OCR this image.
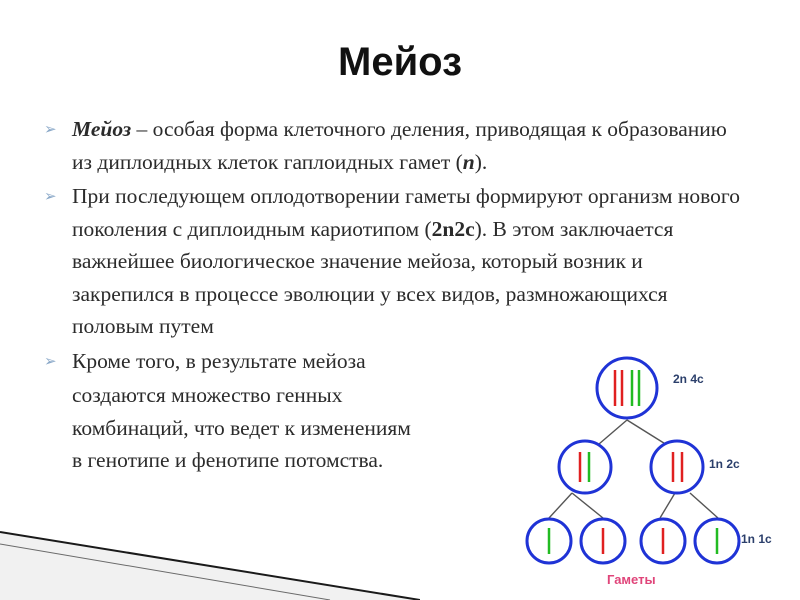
Мейоз
➢ Мейоз – особая форма клеточного деления, приводящая к образованию из диплоидных клеток гаплоидных гамет (n).
➢ При последующем оплодотворении гаметы формируют организм нового поколения с диплоидным кариотипом (2n2c). В этом заключается важнейшее биологическое значение мейоза, который возник и закрепился в процессе эволюции у всех видов, размножающихся половым путем
➢ Кроме того, в результате мейоза
создаются множество генных
комбинаций, что ведет к изменениям
в генотипе и фенотипе потомства.
2n 4c
1n 2c
1n 1c
Гаметы
